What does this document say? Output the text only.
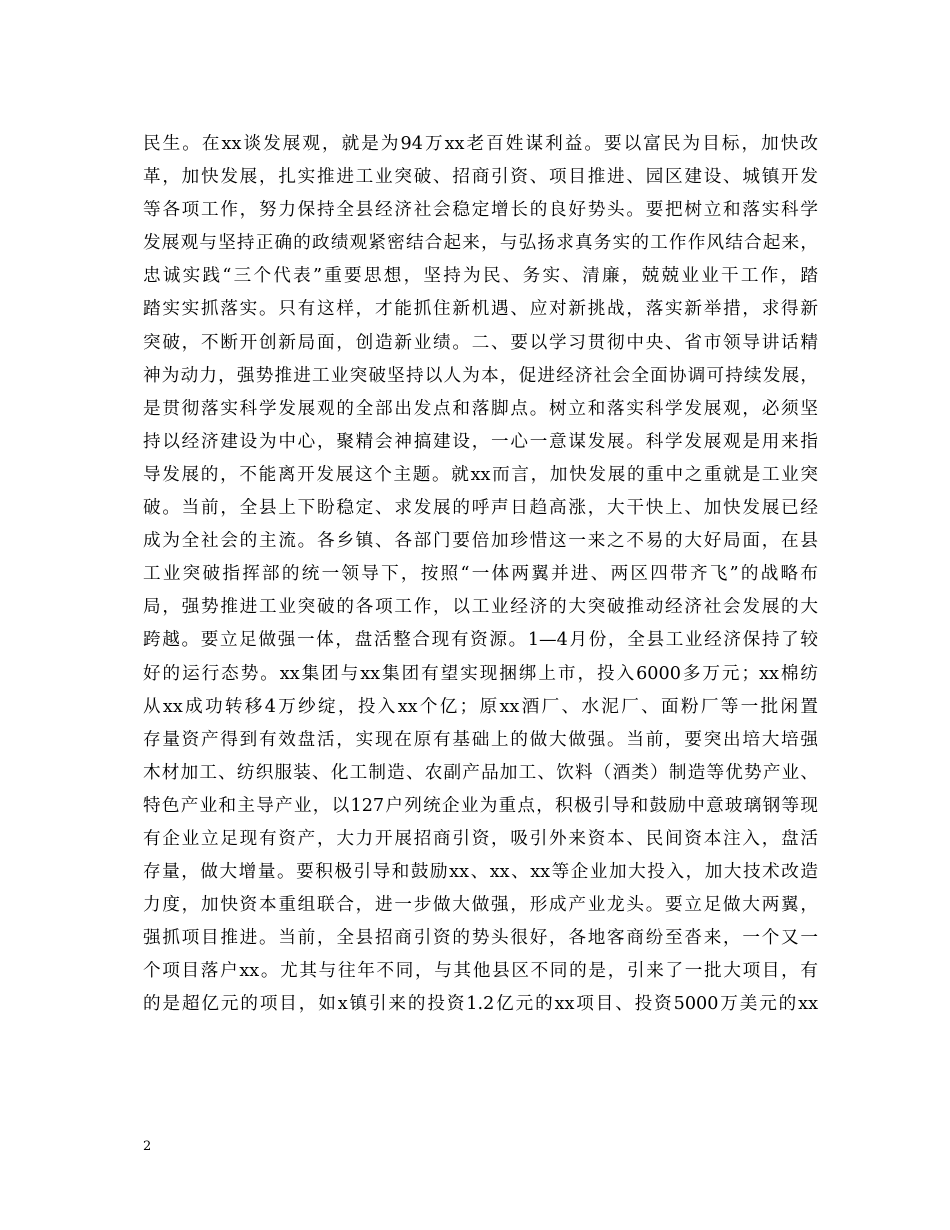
民生。在xx谈发展观，就是为94万xx老百姓谋利益。要以富民为目标，加快改
革，加快发展，扎实推进工业突破、招商引资、项目推进、园区建设、城镇开发
等各项工作，努力保持全县经济社会稳定增长的良好势头。要把树立和落实科学
发展观与坚持正确的政绩观紧密结合起来，与弘扬求真务实的工作作风结合起来，
忠诚实践“三个代表”重要思想，坚持为民、务实、清廉，兢兢业业干工作，踏
踏实实抓落实。只有这样，才能抓住新机遇、应对新挑战，落实新举措，求得新
突破，不断开创新局面，创造新业绩。二、要以学习贯彻中央、省市领导讲话精
神为动力，强势推进工业突破坚持以人为本，促进经济社会全面协调可持续发展，
是贯彻落实科学发展观的全部出发点和落脚点。树立和落实科学发展观，必须坚
持以经济建设为中心，聚精会神搞建设，一心一意谋发展。科学发展观是用来指
导发展的，不能离开发展这个主题。就xx而言，加快发展的重中之重就是工业突
破。当前，全县上下盼稳定、求发展的呼声日趋高涨，大干快上、加快发展已经
成为全社会的主流。各乡镇、各部门要倍加珍惜这一来之不易的大好局面，在县
工业突破指挥部的统一领导下，按照“一体两翼并进、两区四带齐飞”的战略布
局，强势推进工业突破的各项工作，以工业经济的大突破推动经济社会发展的大
跨越。要立足做强一体，盘活整合现有资源。1—4月份，全县工业经济保持了较
好的运行态势。xx集团与xx集团有望实现捆绑上市，投入6000多万元；xx棉纺
从xx成功转移4万纱绽，投入xx个亿；原xx酒厂、水泥厂、面粉厂等一批闲置
存量资产得到有效盘活，实现在原有基础上的做大做强。当前，要突出培大培强
木材加工、纺织服装、化工制造、农副产品加工、饮料（酒类）制造等优势产业、
特色产业和主导产业，以127户列统企业为重点，积极引导和鼓励中意玻璃钢等现
有企业立足现有资产，大力开展招商引资，吸引外来资本、民间资本注入，盘活
存量，做大增量。要积极引导和鼓励xx、xx、xx等企业加大投入，加大技术改造
力度，加快资本重组联合，进一步做大做强，形成产业龙头。要立足做大两翼，
强抓项目推进。当前，全县招商引资的势头很好，各地客商纷至沓来，一个又一
个项目落户xx。尤其与往年不同，与其他县区不同的是，引来了一批大项目，有
的是超亿元的项目，如x镇引来的投资1.2亿元的xx项目、投资5000万美元的xx
2
